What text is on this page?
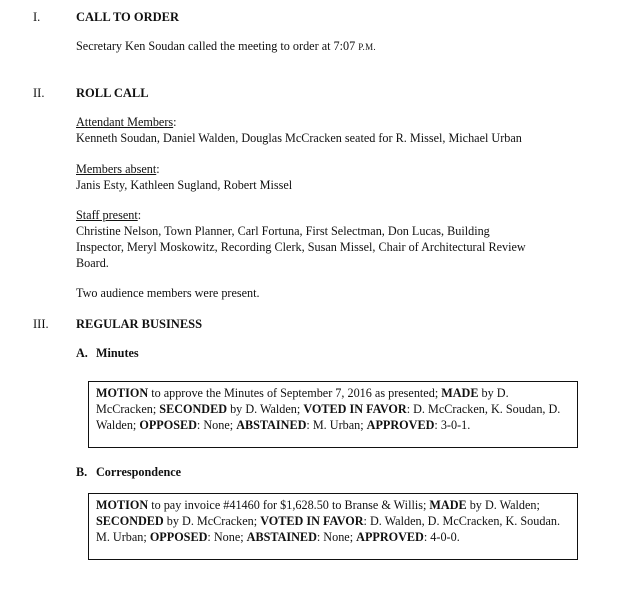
I.	CALL TO ORDER
Secretary Ken Soudan called the meeting to order at 7:07 P.M.
II.	ROLL CALL
Attendant Members:
Kenneth Soudan, Daniel Walden, Douglas McCracken seated for R. Missel, Michael Urban
Members absent:
Janis Esty, Kathleen Sugland, Robert Missel
Staff present:
Christine Nelson, Town Planner, Carl Fortuna, First Selectman, Don Lucas, Building
Inspector, Meryl Moskowitz, Recording Clerk, Susan Missel, Chair of Architectural Review
Board.
Two audience members were present.
III. REGULAR BUSINESS
A. Minutes
MOTION to approve the Minutes of September 7, 2016 as presented; MADE by D. McCracken; SECONDED by D. Walden; VOTED IN FAVOR: D. McCracken, K. Soudan, D. Walden; OPPOSED: None; ABSTAINED: M. Urban; APPROVED: 3-0-1.
B. Correspondence
MOTION to pay invoice #41460 for $1,628.50 to Branse & Willis; MADE by D. Walden; SECONDED by D. McCracken; VOTED IN FAVOR: D. Walden, D. McCracken, K. Soudan. M. Urban; OPPOSED: None; ABSTAINED: None; APPROVED: 4-0-0.
